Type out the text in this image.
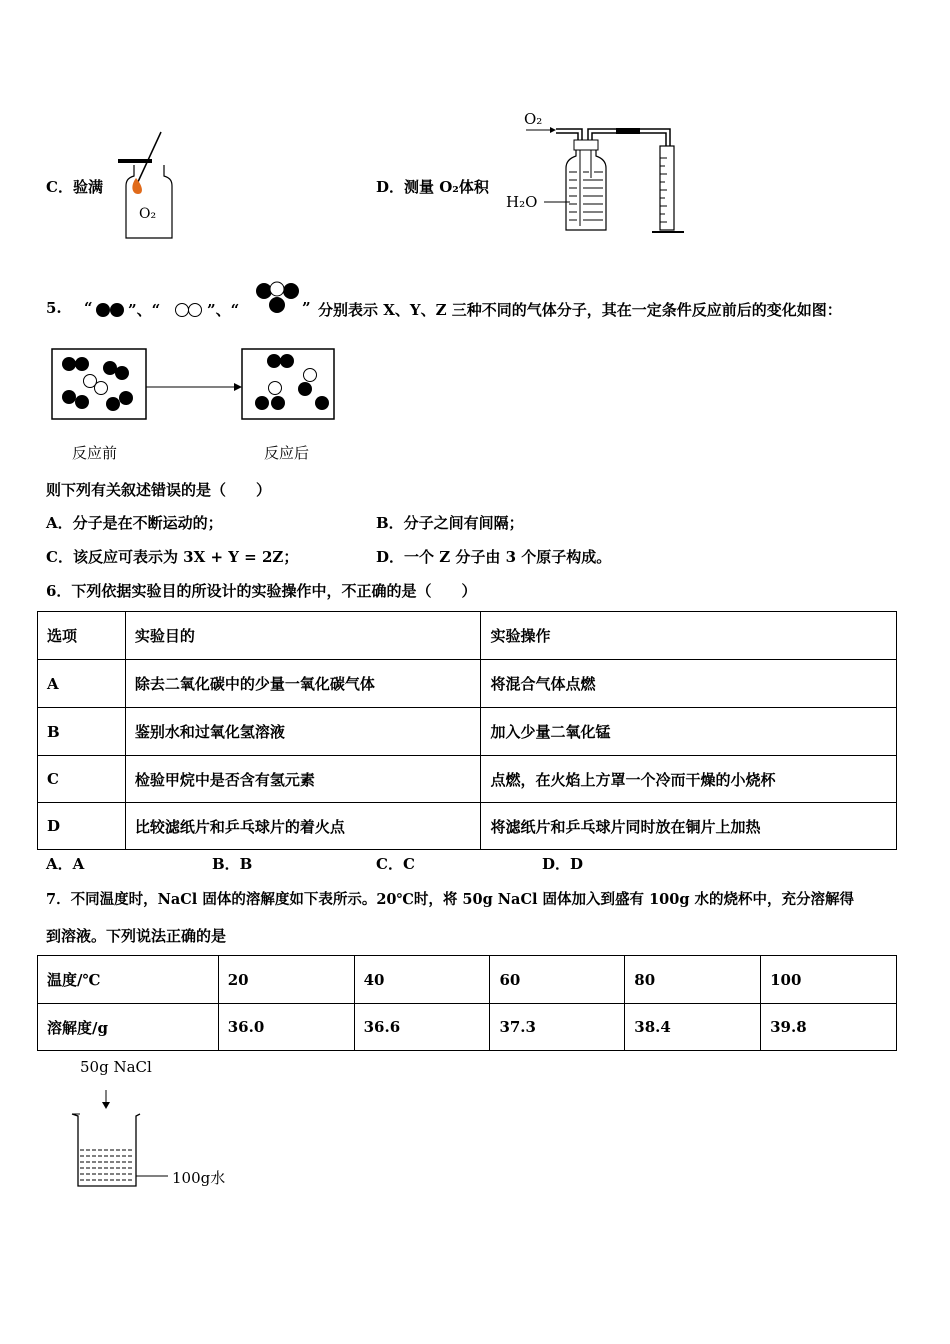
C．验满
O₂
D．测量 O₂体积
O₂
H₂O
5. “ ”、“	”、“	” 分别表示 X、Y、Z 三种不同的气体分子，其在一定条件反应前后的变化如图：
反应前	反应后
则下列有关叙述错误的是（　　）
A．分子是在不断运动的；	B．分子之间有间隔；
C．该反应可表示为 3X + Y = 2Z；	D．一个 Z 分子由 3 个原子构成。
6．下列依据实验目的所设计的实验操作中，不正确的是（　　）
选项	实验目的	实验操作
A	除去二氧化碳中的少量一氧化碳气体	将混合气体点燃
B	鉴别水和过氧化氢溶液	加入少量二氧化锰
C	检验甲烷中是否含有氢元素	点燃，在火焰上方罩一个冷而干燥的小烧杯
D	比较滤纸片和乒乓球片的着火点	将滤纸片和乒乓球片同时放在铜片上加热
A．A	B．B	C．C	D．D
7．不同温度时，NaCl 固体的溶解度如下表所示。20℃时，将 50g NaCl 固体加入到盛有 100g 水的烧杯中，充分溶解得
到溶液。下列说法正确的是
温度/℃	20	40	60	80	100
溶解度/g	36.0	36.6	37.3	38.4	39.8
50g NaCl
100g水
